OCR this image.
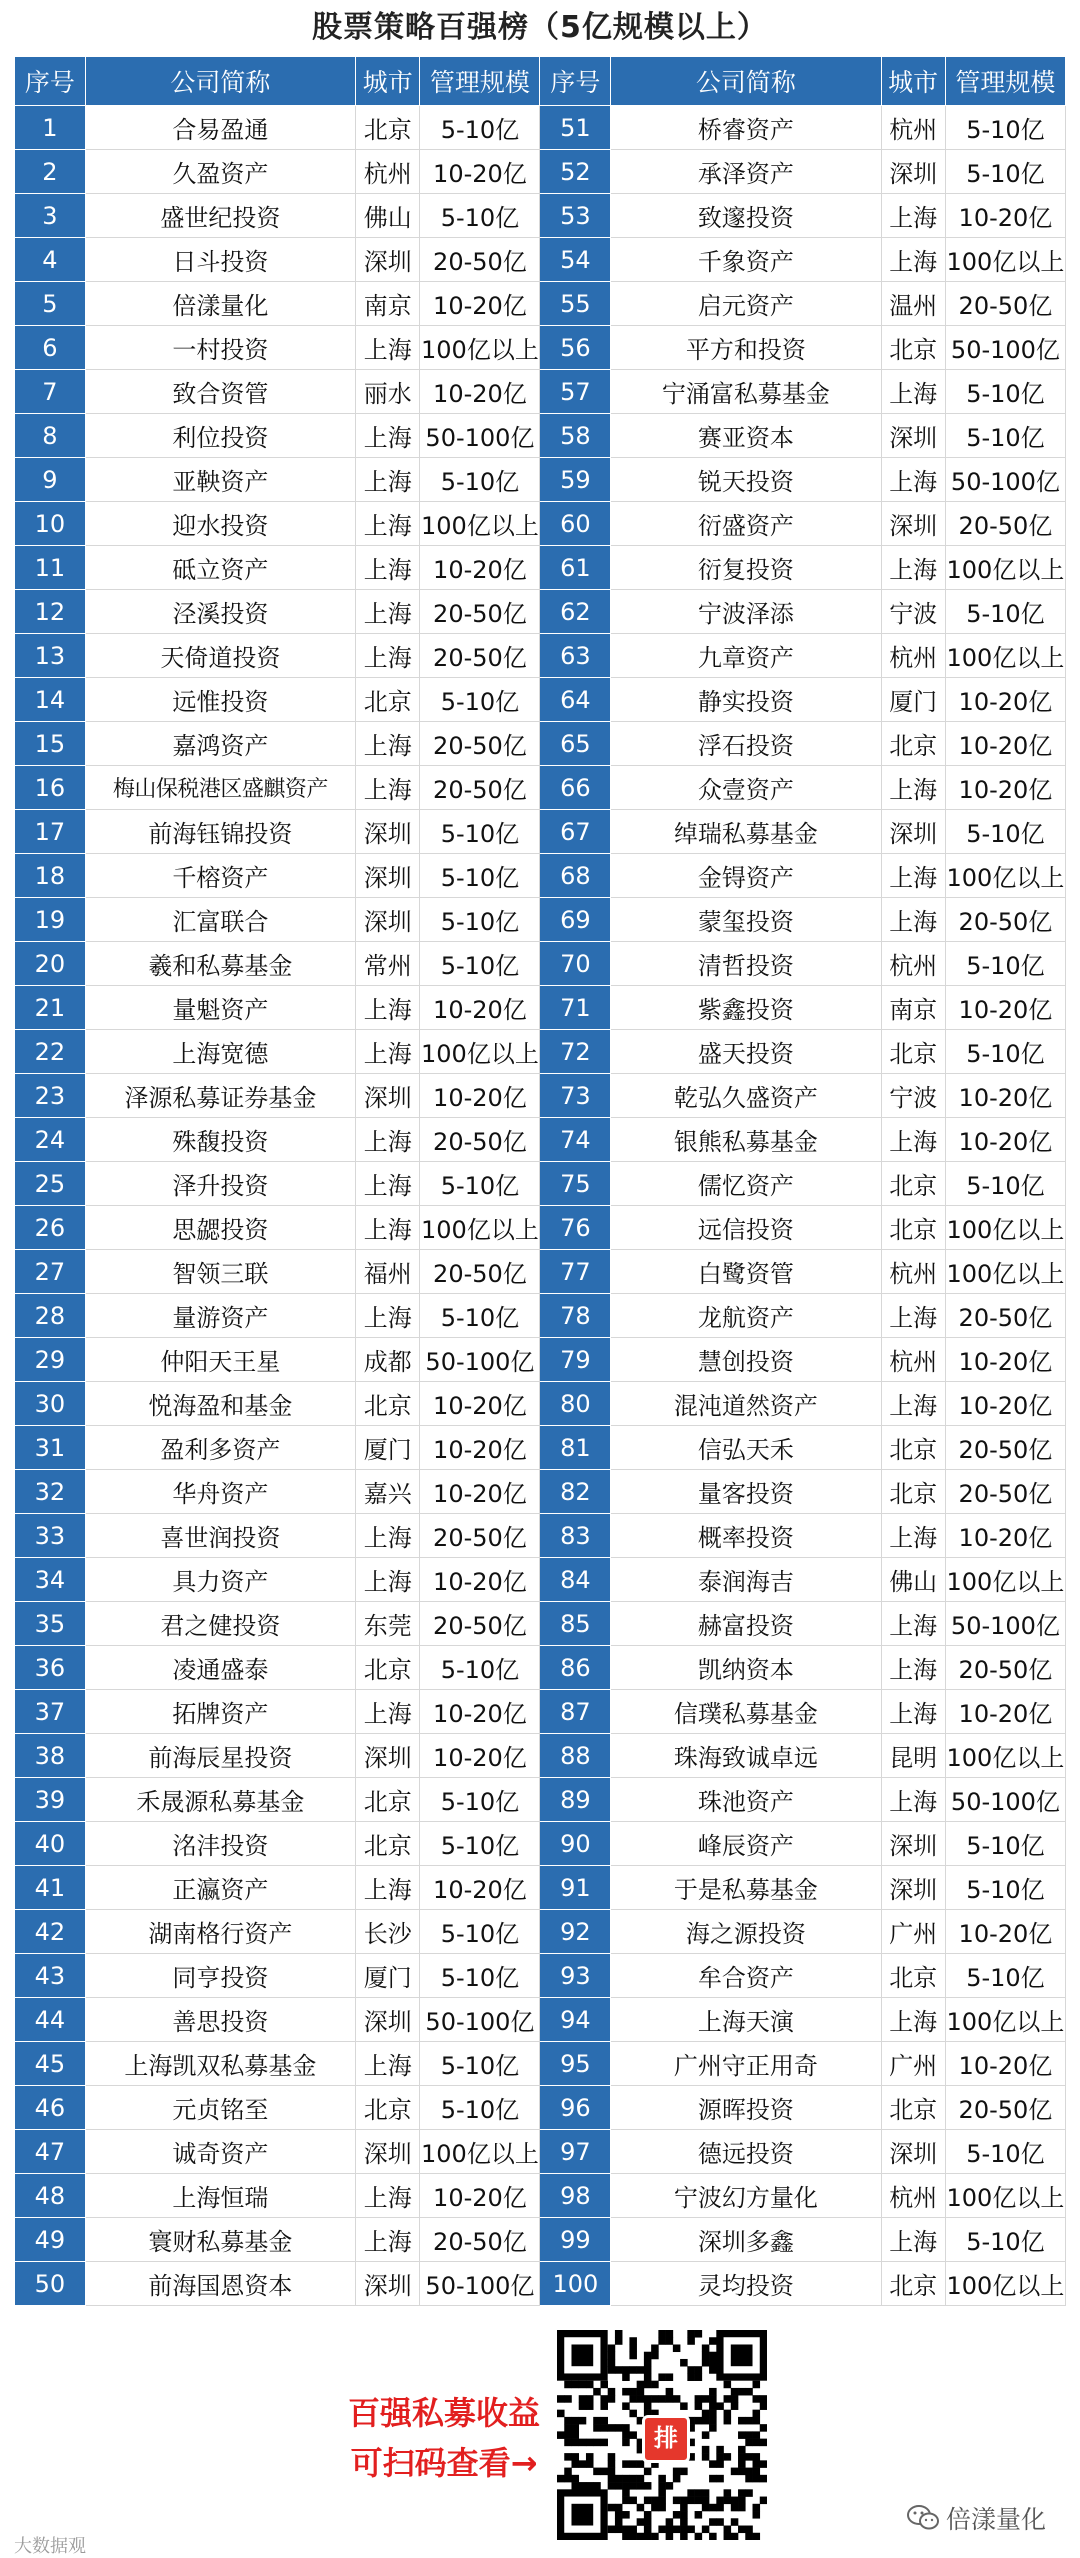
股票策略百强榜（5亿规模以上）
序号	公司简称	城市	管理规模	序号	公司简称	城市	管理规模
1	合易盈通	北京	5-10亿	51	桥睿资产	杭州	5-10亿
2	久盈资产	杭州	10-20亿	52	承泽资产	深圳	5-10亿
3	盛世纪投资	佛山	5-10亿	53	致邃投资	上海	10-20亿
4	日斗投资	深圳	20-50亿	54	千象资产	上海	100亿以上
5	倍漾量化	南京	10-20亿	55	启元资产	温州	20-50亿
6	一村投资	上海	100亿以上	56	平方和投资	北京	50-100亿
7	致合资管	丽水	10-20亿	57	宁涌富私募基金	上海	5-10亿
8	利位投资	上海	50-100亿	58	赛亚资本	深圳	5-10亿
9	亚鞅资产	上海	5-10亿	59	锐天投资	上海	50-100亿
10	迎水投资	上海	100亿以上	60	衍盛资产	深圳	20-50亿
11	砥立资产	上海	10-20亿	61	衍复投资	上海	100亿以上
12	泾溪投资	上海	20-50亿	62	宁波泽添	宁波	5-10亿
13	天倚道投资	上海	20-50亿	63	九章资产	杭州	100亿以上
14	远惟投资	北京	5-10亿	64	静实投资	厦门	10-20亿
15	嘉鸿资产	上海	20-50亿	65	浮石投资	北京	10-20亿
16	梅山保税港区盛麒资产	上海	20-50亿	66	众壹资产	上海	10-20亿
17	前海钰锦投资	深圳	5-10亿	67	绰瑞私募基金	深圳	5-10亿
18	千榕资产	深圳	5-10亿	68	金锝资产	上海	100亿以上
19	汇富联合	深圳	5-10亿	69	蒙玺投资	上海	20-50亿
20	羲和私募基金	常州	5-10亿	70	清哲投资	杭州	5-10亿
21	量魁资产	上海	10-20亿	71	紫鑫投资	南京	10-20亿
22	上海宽德	上海	100亿以上	72	盛天投资	北京	5-10亿
23	泽源私募证券基金	深圳	10-20亿	73	乾弘久盛资产	宁波	10-20亿
24	殊馥投资	上海	20-50亿	74	银熊私募基金	上海	10-20亿
25	泽升投资	上海	5-10亿	75	儒忆资产	北京	5-10亿
26	思勰投资	上海	100亿以上	76	远信投资	北京	100亿以上
27	智领三联	福州	20-50亿	77	白鹭资管	杭州	100亿以上
28	量游资产	上海	5-10亿	78	龙航资产	上海	20-50亿
29	仲阳天王星	成都	50-100亿	79	慧创投资	杭州	10-20亿
30	悦海盈和基金	北京	10-20亿	80	混沌道然资产	上海	10-20亿
31	盈利多资产	厦门	10-20亿	81	信弘天禾	北京	20-50亿
32	华舟资产	嘉兴	10-20亿	82	量客投资	北京	20-50亿
33	喜世润投资	上海	20-50亿	83	概率投资	上海	10-20亿
34	具力资产	上海	10-20亿	84	泰润海吉	佛山	100亿以上
35	君之健投资	东莞	20-50亿	85	赫富投资	上海	50-100亿
36	凌通盛泰	北京	5-10亿	86	凯纳资本	上海	20-50亿
37	拓牌资产	上海	10-20亿	87	信璞私募基金	上海	10-20亿
38	前海辰星投资	深圳	10-20亿	88	珠海致诚卓远	昆明	100亿以上
39	禾晟源私募基金	北京	5-10亿	89	珠池资产	上海	50-100亿
40	洺沣投资	北京	5-10亿	90	峰辰资产	深圳	5-10亿
41	正瀛资产	上海	10-20亿	91	于是私募基金	深圳	5-10亿
42	湖南格行资产	长沙	5-10亿	92	海之源投资	广州	10-20亿
43	同亨投资	厦门	5-10亿	93	牟合资产	北京	5-10亿
44	善思投资	深圳	50-100亿	94	上海天演	上海	100亿以上
45	上海凯双私募基金	上海	5-10亿	95	广州守正用奇	广州	10-20亿
46	元贞铭至	北京	5-10亿	96	源晖投资	北京	20-50亿
47	诚奇资产	深圳	100亿以上	97	德远投资	深圳	5-10亿
48	上海恒瑞	上海	10-20亿	98	宁波幻方量化	杭州	100亿以上
49	寰财私募基金	上海	20-50亿	99	深圳多鑫	上海	5-10亿
50	前海国恩资本	深圳	50-100亿	100	灵均投资	北京	100亿以上
百强私募收益
可扫码查看→
排
倍漾量化
大数据观
